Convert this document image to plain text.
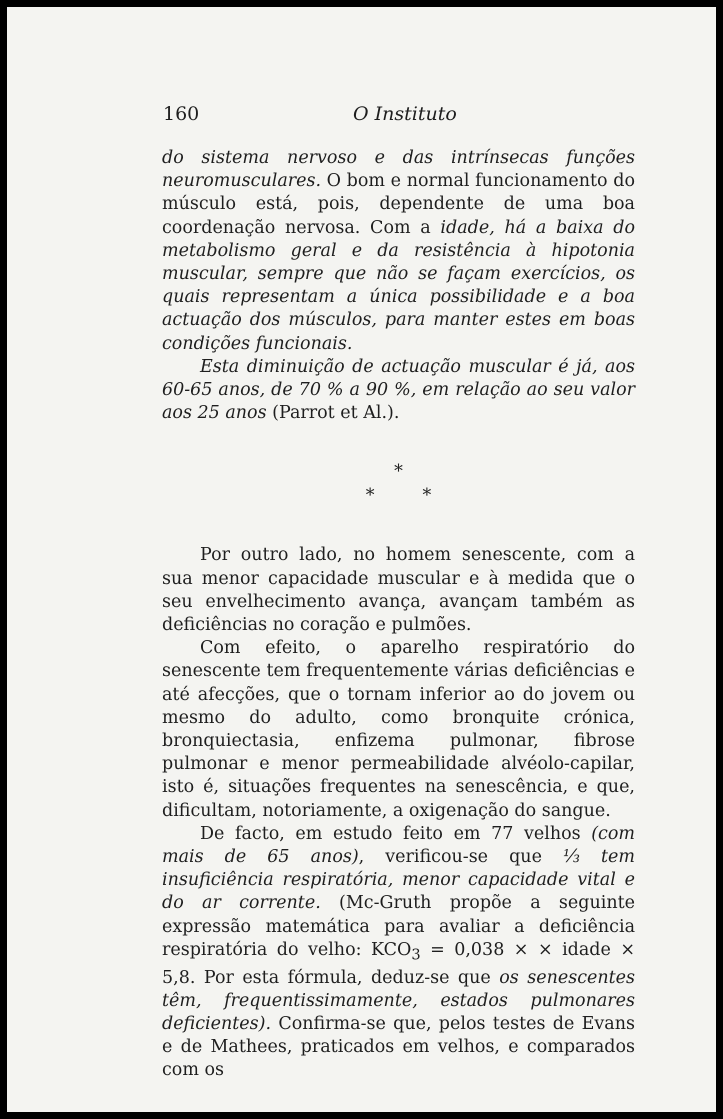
160	O Instituto

do sistema nervoso e das intrínsecas funções neuromusculares. O bom e normal funcionamento do músculo está, pois, dependente de uma boa coordenação nervosa. Com a idade, há a baixa do metabolismo geral e da resistência à hipotonia muscular, sempre que não se façam exercícios, os quais representam a única possibilidade e a boa actuação dos músculos, para manter estes em boas condições funcionais.

Esta diminuição de actuação muscular é já, aos 60-65 anos, de 70 % a 90 %, em relação ao seu valor aos 25 anos (Parrot et Al.).

*
*	*

Por outro lado, no homem senescente, com a sua menor capacidade muscular e à medida que o seu envelhecimento avança, avançam também as deficiências no coração e pulmões.

Com efeito, o aparelho respiratório do senescente tem frequentemente várias deficiências e até afecções, que o tornam inferior ao do jovem ou mesmo do adulto, como bronquite crónica, bronquiectasia, enfizema pulmonar, fibrose pulmonar e menor permeabilidade alvéolo-capilar, isto é, situações frequentes na senescência, e que, dificultam, notoriamente, a oxigenação do sangue.

De facto, em estudo feito em 77 velhos (com mais de 65 anos), verificou-se que ⅓ tem insuficiência respiratória, menor capacidade vital e do ar corrente. (Mc-Gruth propõe a seguinte expressão matemática para avaliar a deficiência respiratória do velho: $KCO_3 = 0,038$ × × idade × 5,8. Por esta fórmula, deduz-se que os senescentes têm, frequentissimamente, estados pulmonares deficientes). Confirma-se que, pelos testes de Evans e de Mathees, praticados em velhos, e comparados com os
